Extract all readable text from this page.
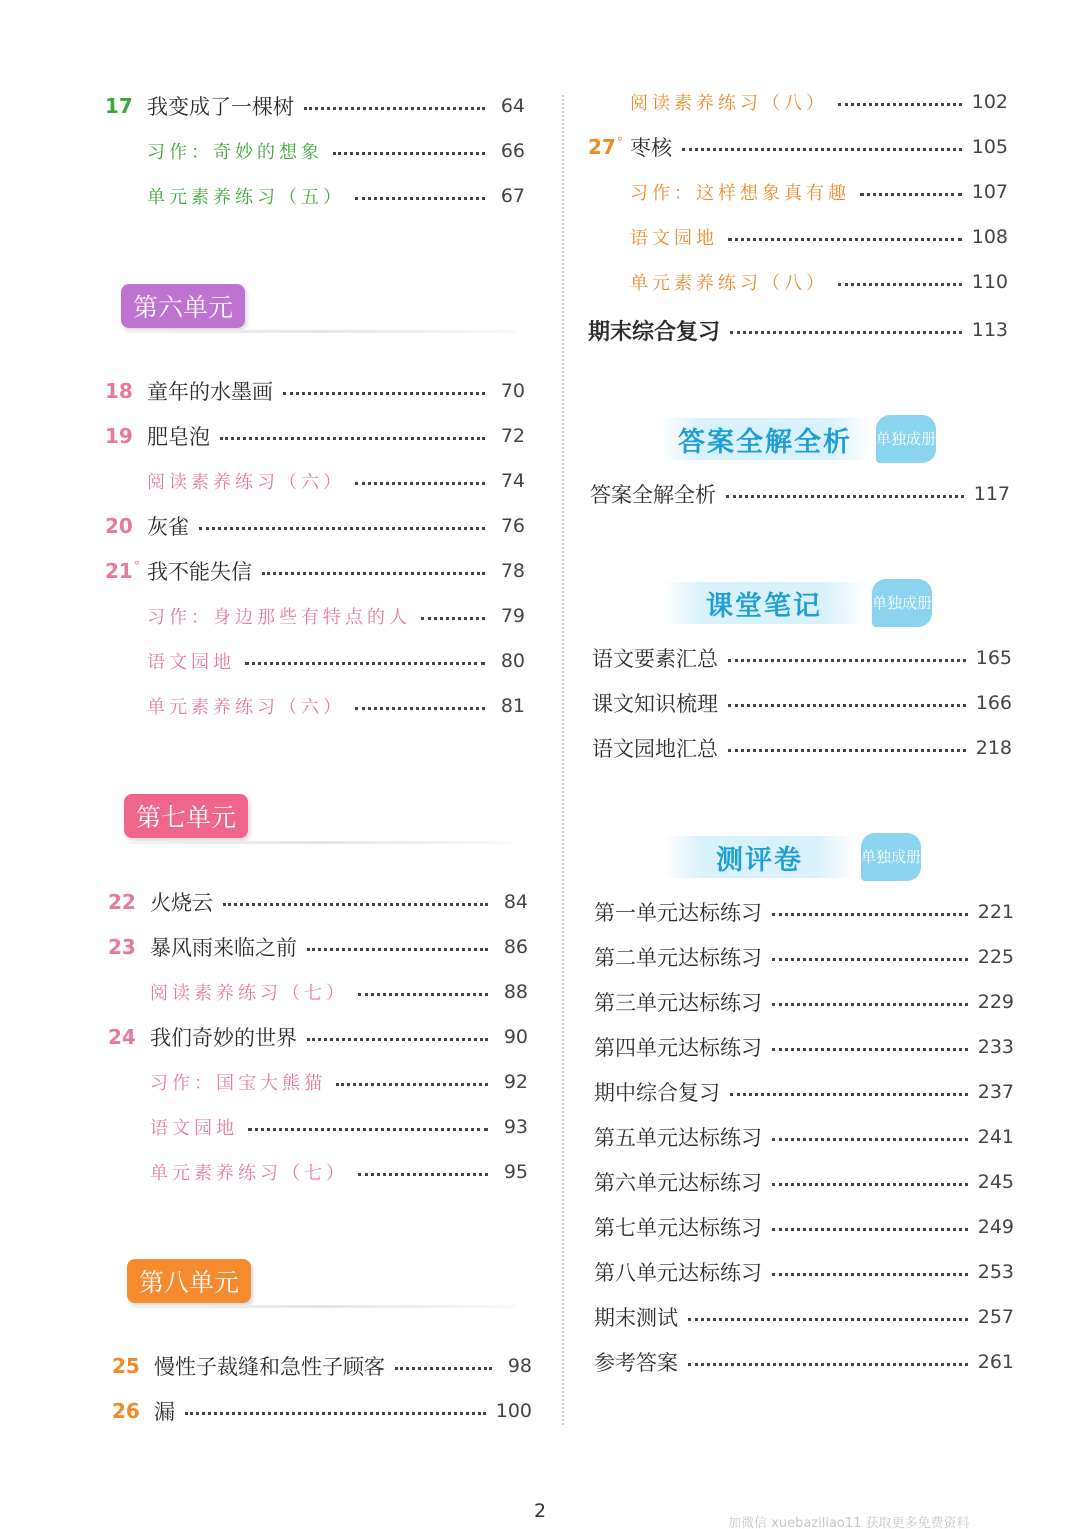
17 我变成了一棵树	64
习作：奇妙的想象	66
单元素养练习（五）	67
第六单元
18 童年的水墨画	70
19 肥皂泡	72
阅读素养练习（六）	74
20 灰雀	76
21° 我不能失信	78
习作：身边那些有特点的人	79
语文园地	80
单元素养练习（六）	81
第七单元
22 火烧云	84
23 暴风雨来临之前	86
阅读素养练习（七）	88
24 我们奇妙的世界	90
习作：国宝大熊猫	92
语文园地	93
单元素养练习（七）	95
第八单元
25 慢性子裁缝和急性子顾客	98
26 漏	100
阅读素养练习（八）	102
27° 枣核	105
习作：这样想象真有趣	107
语文园地	108
单元素养练习（八）	110
期末综合复习	113
答案全解全析	单独成册
答案全解全析	117
课堂笔记	单独成册
语文要素汇总	165
课文知识梳理	166
语文园地汇总	218
测评卷	单独成册
第一单元达标练习	221
第二单元达标练习	225
第三单元达标练习	229
第四单元达标练习	233
期中综合复习	237
第五单元达标练习	241
第六单元达标练习	245
第七单元达标练习	249
第八单元达标练习	253
期末测试	257
参考答案	261
2
加微信 xuebaziliao11 获取更多免费资料
